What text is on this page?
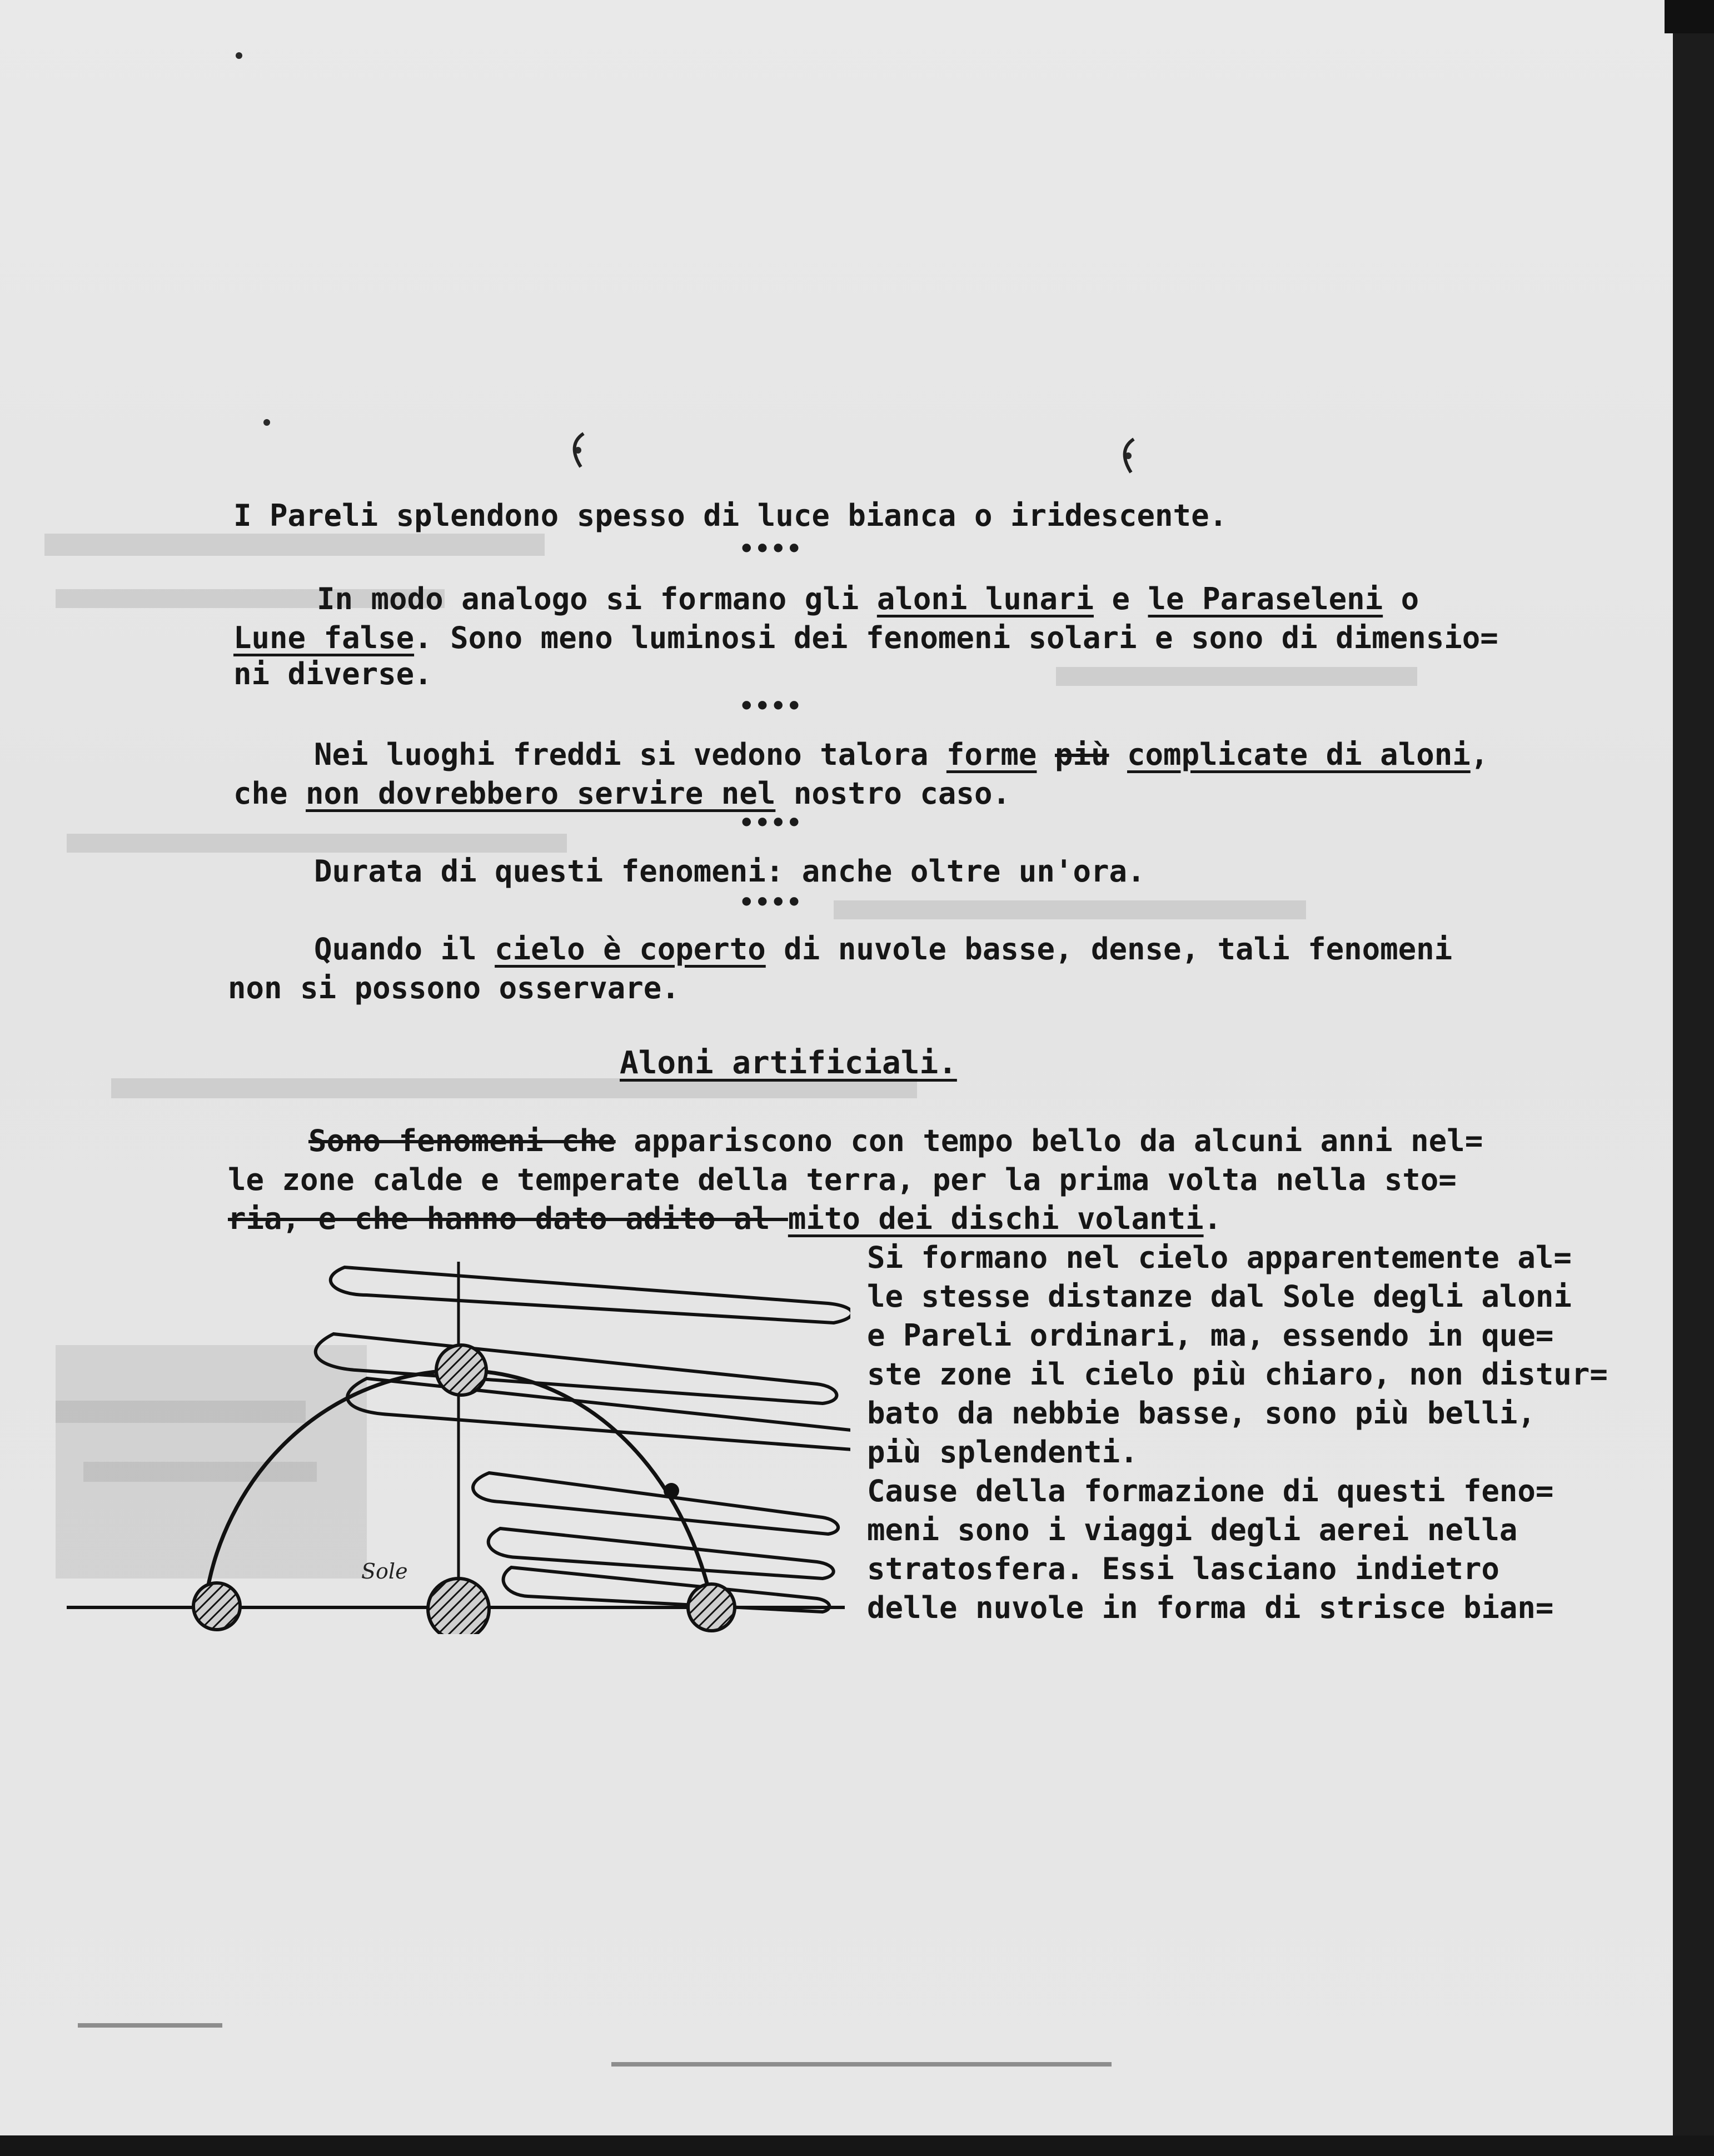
I Pareli splendono spesso di luce bianca o iridescente.
••••
In modo analogo si formano gli aloni lunari e le Paraseleni o
Lune false. Sono meno luminosi dei fenomeni solari e sono di dimensio=
ni diverse.
••••
Nei luoghi freddi si vedono talora forme più complicate di aloni,
che non dovrebbero servire nel nostro caso.
••••
Durata di questi fenomeni: anche oltre un'ora.
••••
Quando il cielo è coperto di nuvole basse, dense, tali fenomeni
non si possono osservare.
Aloni artificiali.
Sono fenomeni che appariscono con tempo bello da alcuni anni nel=
le zone calde e temperate della terra, per la prima volta nella sto=
ria, e che hanno dato adito al mito dei dischi volanti.
Si formano nel cielo apparentemente al=
le stesse distanze dal Sole degli aloni
e Pareli ordinari, ma, essendo in que=
ste zone il cielo più chiaro, non distur=
bato da nebbie basse, sono più belli,
più splendenti.
Cause della formazione di questi feno=
meni sono i viaggi degli aerei nella
stratosfera. Essi lasciano indietro
delle nuvole in forma di strisce bian=
Sole
